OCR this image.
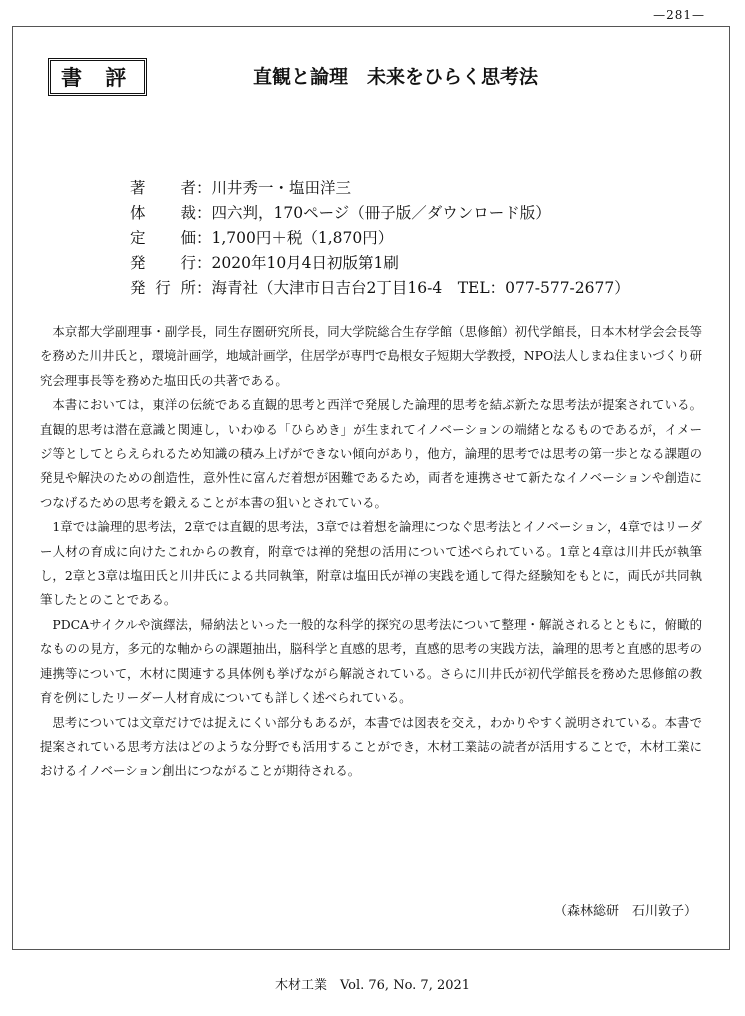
—281—
書 評	直観と論理　未来をひらく思考法
著　者：川井秀一・塩田洋三
体　裁：四六判，170ページ（冊子版／ダウンロード版）
定　価：1,700円＋税（1,870円）
発　行：2020年10月4日初版第1刷
発行所：海青社（大津市日吉台2丁目16-4　TEL：077-577-2677）

本京都大学副理事・副学長，同生存圏研究所長，同大学院総合生存学館（思修館）初代学館長，日本木材学会会長等を務めた川井氏と，環境計画学，地域計画学，住居学が専門で島根女子短期大学教授，NPO法人しまね住まいづくり研究会理事長等を務めた塩田氏の共著である。

本書においては，東洋の伝統である直観的思考と西洋で発展した論理的思考を結ぶ新たな思考法が提案されている。直観的思考は潜在意識と関連し，いわゆる「ひらめき」が生まれてイノベーションの端緒となるものであるが，イメージ等としてとらえられるため知識の積み上げができない傾向があり，他方，論理的思考では思考の第一歩となる課題の発見や解決のための創造性，意外性に富んだ着想が困難であるため，両者を連携させて新たなイノベーションや創造につなげるための思考を鍛えることが本書の狙いとされている。

1章では論理的思考法，2章では直観的思考法，3章では着想を論理につなぐ思考法とイノベーション，4章ではリーダー人材の育成に向けたこれからの教育，附章では禅的発想の活用について述べられている。1章と4章は川井氏が執筆し，2章と3章は塩田氏と川井氏による共同執筆，附章は塩田氏が禅の実践を通して得た経験知をもとに，両氏が共同執筆したとのことである。

PDCAサイクルや演繹法，帰納法といった一般的な科学的探究の思考法について整理・解説されるとともに，俯瞰的なものの見方，多元的な軸からの課題抽出，脳科学と直感的思考，直感的思考の実践方法，論理的思考と直感的思考の連携等について，木材に関連する具体例も挙げながら解説されている。さらに川井氏が初代学館長を務めた思修館の教育を例にしたリーダー人材育成についても詳しく述べられている。

思考については文章だけでは捉えにくい部分もあるが，本書では図表を交え，わかりやすく説明されている。本書で提案されている思考方法はどのような分野でも活用することができ，木材工業誌の読者が活用することで，木材工業におけるイノベーション創出につながることが期待される。

（森林総研　石川敦子）
木材工業　Vol. 76, No. 7, 2021
